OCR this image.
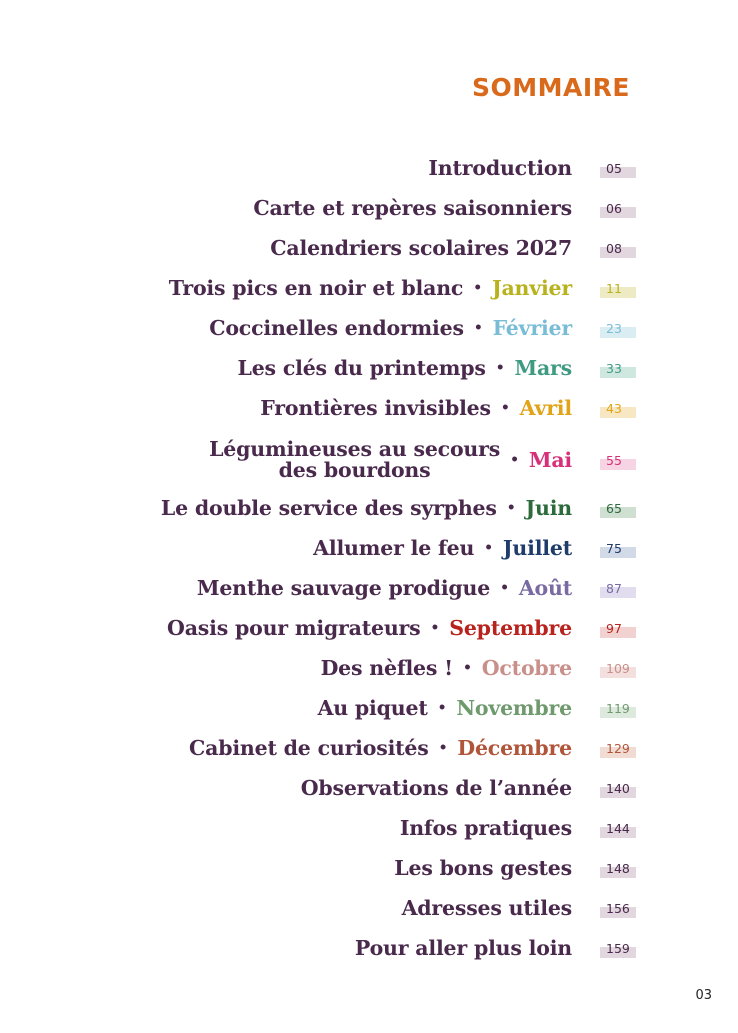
SOMMAIRE
Introduction	05
Carte et repères saisonniers	06
Calendriers scolaires 2027	08
Trois pics en noir et blanc • Janvier	11
Coccinelles endormies • Février	23
Les clés du printemps • Mars	33
Frontières invisibles • Avril	43
Légumineuses au secours
des bourdons	• Mai	55
Le double service des syrphes • Juin	65
Allumer le feu • Juillet	75
Menthe sauvage prodigue • Août	87
Oasis pour migrateurs • Septembre	97
Des nèfles ! • Octobre	109
Au piquet • Novembre	119
Cabinet de curiosités • Décembre	129
Observations de l’année	140
Infos pratiques	144
Les bons gestes	148
Adresses utiles	156
Pour aller plus loin	159
03
